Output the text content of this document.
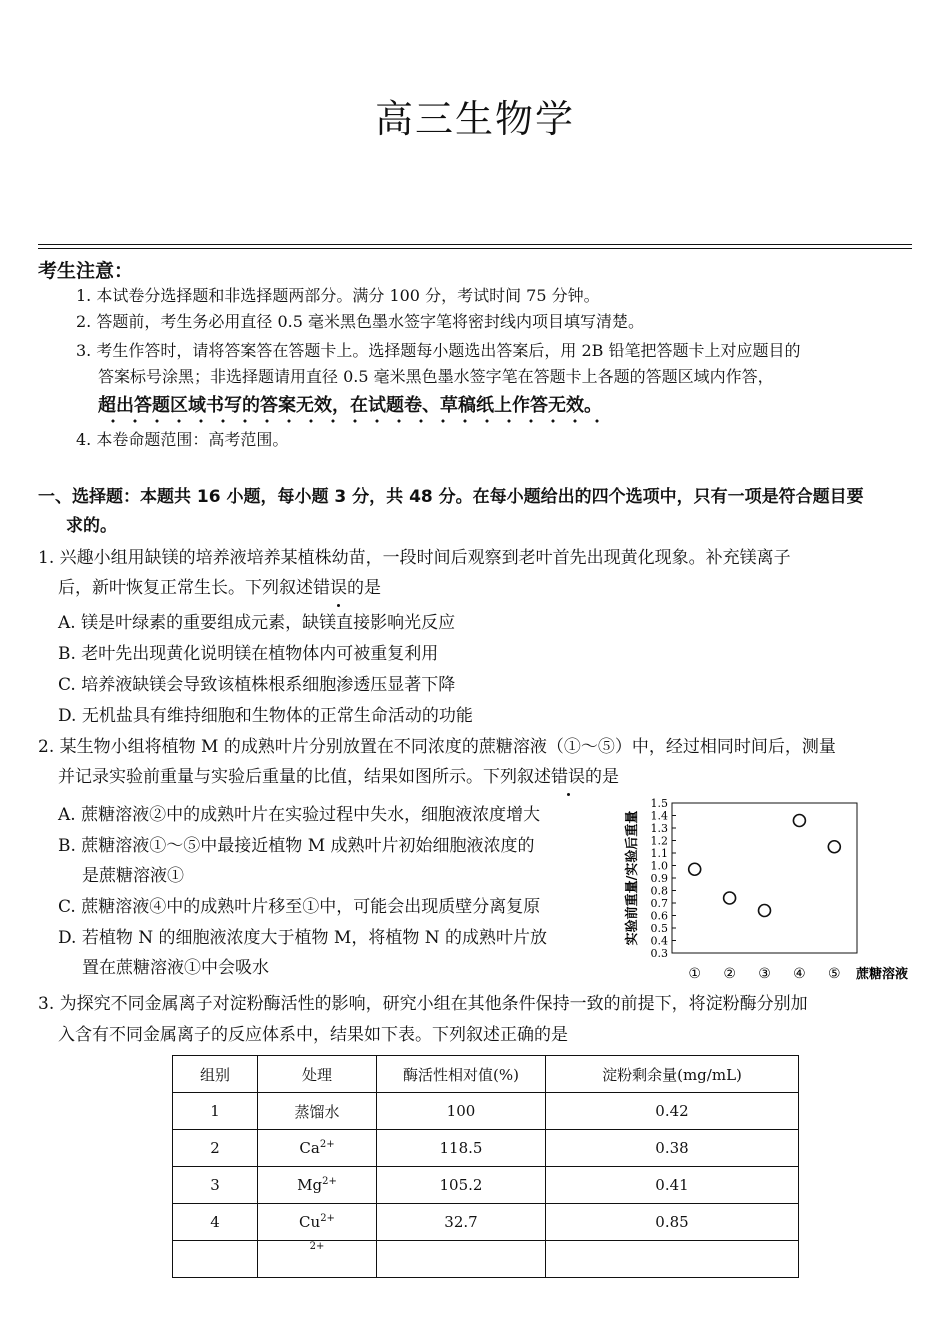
高三生物学
考生注意：
1. 本试卷分选择题和非选择题两部分。满分 100 分，考试时间 75 分钟。
2. 答题前，考生务必用直径 0.5 毫米黑色墨水签字笔将密封线内项目填写清楚。
3. 考生作答时，请将答案答在答题卡上。选择题每小题选出答案后，用 2B 铅笔把答题卡上对应题目的
答案标号涂黑；非选择题请用直径 0.5 毫米黑色墨水签字笔在答题卡上各题的答题区域内作答，
超出答题区域书写的答案无效，在试题卷、草稿纸上作答无效。
4. 本卷命题范围：高考范围。
一、选择题：本题共 16 小题，每小题 3 分，共 48 分。在每小题给出的四个选项中，只有一项是符合题目要
求的。
1. 兴趣小组用缺镁的培养液培养某植株幼苗，一段时间后观察到老叶首先出现黄化现象。补充镁离子
后，新叶恢复正常生长。下列叙述错误的是
A. 镁是叶绿素的重要组成元素，缺镁直接影响光反应
B. 老叶先出现黄化说明镁在植物体内可被重复利用
C. 培养液缺镁会导致该植株根系细胞渗透压显著下降
D. 无机盐具有维持细胞和生物体的正常生命活动的功能
2. 某生物小组将植物 M 的成熟叶片分别放置在不同浓度的蔗糖溶液（①～⑤）中，经过相同时间后，测量
并记录实验前重量与实验后重量的比值，结果如图所示。下列叙述错误的是
A. 蔗糖溶液②中的成熟叶片在实验过程中失水，细胞液浓度增大
B. 蔗糖溶液①～⑤中最接近植物 M 成熟叶片初始细胞液浓度的
是蔗糖溶液①
C. 蔗糖溶液④中的成熟叶片移至①中，可能会出现质壁分离复原
D. 若植物 N 的细胞液浓度大于植物 M，将植物 N 的成熟叶片放
置在蔗糖溶液①中会吸水
0.3
0.4
0.5
0.6
0.7
0.8
0.9
1.0
1.1
1.2
1.3
1.4
1.5
实验前重量/实验后重量
① ② ③ ④ ⑤ 蔗糖溶液
3. 为探究不同金属离子对淀粉酶活性的影响，研究小组在其他条件保持一致的前提下，将淀粉酶分别加
入含有不同金属离子的反应体系中，结果如下表。下列叙述正确的是
组别	处理	酶活性相对值(%)	淀粉剩余量(mg/mL)
1	蒸馏水	100	0.42
2	$Ca^{2+}$	118.5	0.38
3	$Mg^{2+}$	105.2	0.41
4	$Cu^{2+}$	32.7	0.85
	$^{2+}$		
